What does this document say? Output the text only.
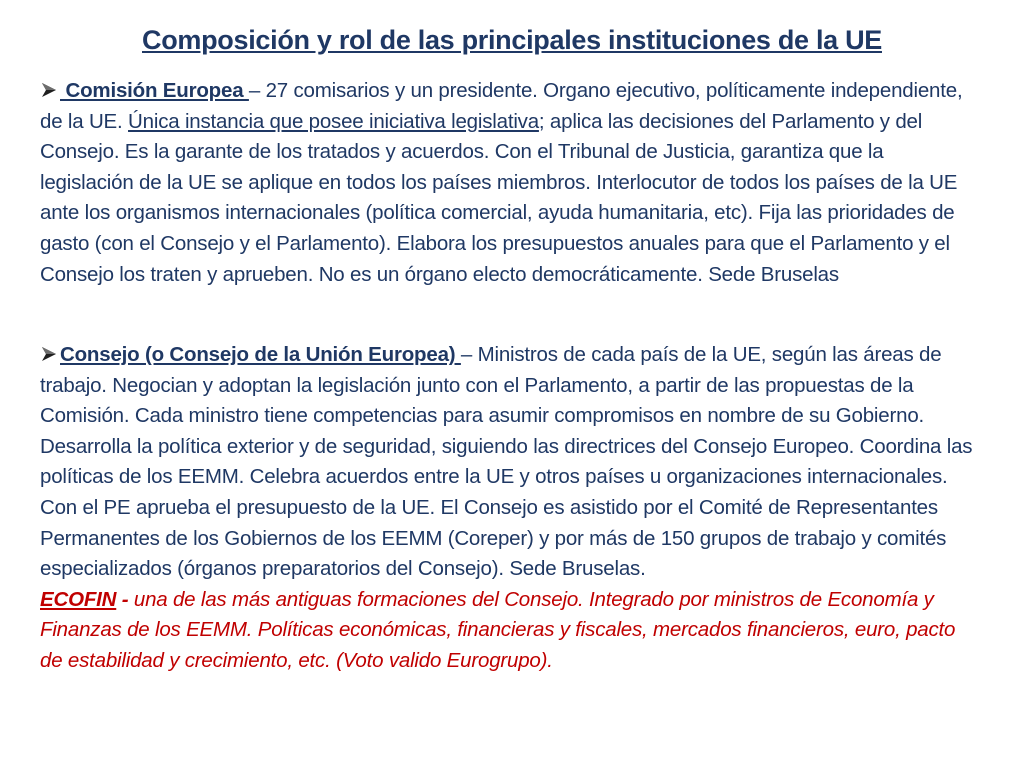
Composición y rol de las principales instituciones de la UE
Comisión Europea – 27 comisarios y un presidente. Organo ejecutivo, políticamente independiente, de la UE. Única instancia que posee iniciativa legislativa; aplica las decisiones del Parlamento y del Consejo. Es la garante de los tratados y acuerdos. Con el Tribunal de Justicia, garantiza que la legislación de la UE se aplique en todos los países miembros. Interlocutor de todos los países de la UE ante los organismos internacionales (política comercial, ayuda humanitaria, etc). Fija las prioridades de gasto (con el Consejo y el Parlamento). Elabora los presupuestos anuales para que el Parlamento y el Consejo los traten y aprueben. No es un órgano electo democráticamente. Sede Bruselas
Consejo (o Consejo de la Unión Europea) – Ministros de cada país de la UE, según las áreas de trabajo. Negocian y adoptan la legislación junto con el Parlamento, a partir de las propuestas de la Comisión. Cada ministro tiene competencias para asumir compromisos en nombre de su Gobierno. Desarrolla la política exterior y de seguridad, siguiendo las directrices del Consejo Europeo. Coordina las políticas de los EEMM. Celebra acuerdos entre la UE y otros países u organizaciones internacionales. Con el PE aprueba el presupuesto de la UE. El Consejo es asistido por el Comité de Representantes Permanentes de los Gobiernos de los EEMM (Coreper) y por más de 150 grupos de trabajo y comités especializados (órganos preparatorios del Consejo). Sede Bruselas.
ECOFIN - una de las más antiguas formaciones del Consejo. Integrado por ministros de Economía y Finanzas de los EEMM. Políticas económicas, financieras y fiscales, mercados financieros, euro, pacto de estabilidad y crecimiento, etc. (Voto valido Eurogrupo).
